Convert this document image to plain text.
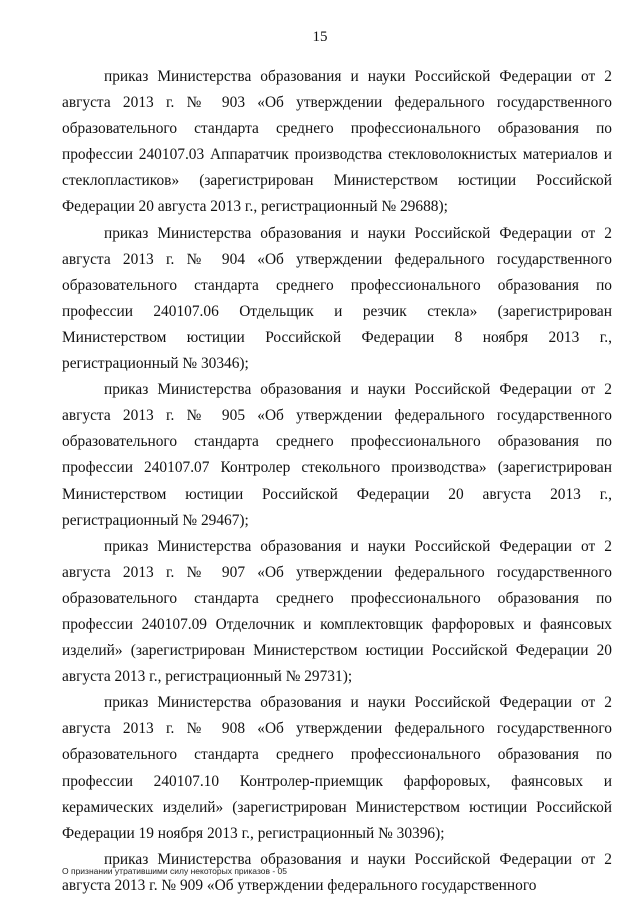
15

приказ Министерства образования и науки Российской Федерации от 2 августа 2013 г. № 903 «Об утверждении федерального государственного образовательного стандарта среднего профессионального образования по профессии 240107.03 Аппаратчик производства стекловолокнистых материалов и стеклопластиков» (зарегистрирован Министерством юстиции Российской Федерации 20 августа 2013 г., регистрационный № 29688);

приказ Министерства образования и науки Российской Федерации от 2 августа 2013 г. № 904 «Об утверждении федерального государственного образовательного стандарта среднего профессионального образования по профессии 240107.06 Отдельщик и резчик стекла» (зарегистрирован Министерством юстиции Российской Федерации 8 ноября 2013 г., регистрационный № 30346);

приказ Министерства образования и науки Российской Федерации от 2 августа 2013 г. № 905 «Об утверждении федерального государственного образовательного стандарта среднего профессионального образования по профессии 240107.07 Контролер стекольного производства» (зарегистрирован Министерством юстиции Российской Федерации 20 августа 2013 г., регистрационный № 29467);

приказ Министерства образования и науки Российской Федерации от 2 августа 2013 г. № 907 «Об утверждении федерального государственного образовательного стандарта среднего профессионального образования по профессии 240107.09 Отделочник и комплектовщик фарфоровых и фаянсовых изделий» (зарегистрирован Министерством юстиции Российской Федерации 20 августа 2013 г., регистрационный № 29731);

приказ Министерства образования и науки Российской Федерации от 2 августа 2013 г. № 908 «Об утверждении федерального государственного образовательного стандарта среднего профессионального образования по профессии 240107.10 Контролер-приемщик фарфоровых, фаянсовых и керамических изделий» (зарегистрирован Министерством юстиции Российской Федерации 19 ноября 2013 г., регистрационный № 30396);

приказ Министерства образования и науки Российской Федерации от 2 августа 2013 г. № 909 «Об утверждении федерального государственного

О признании утратившими силу некоторых приказов - 05
